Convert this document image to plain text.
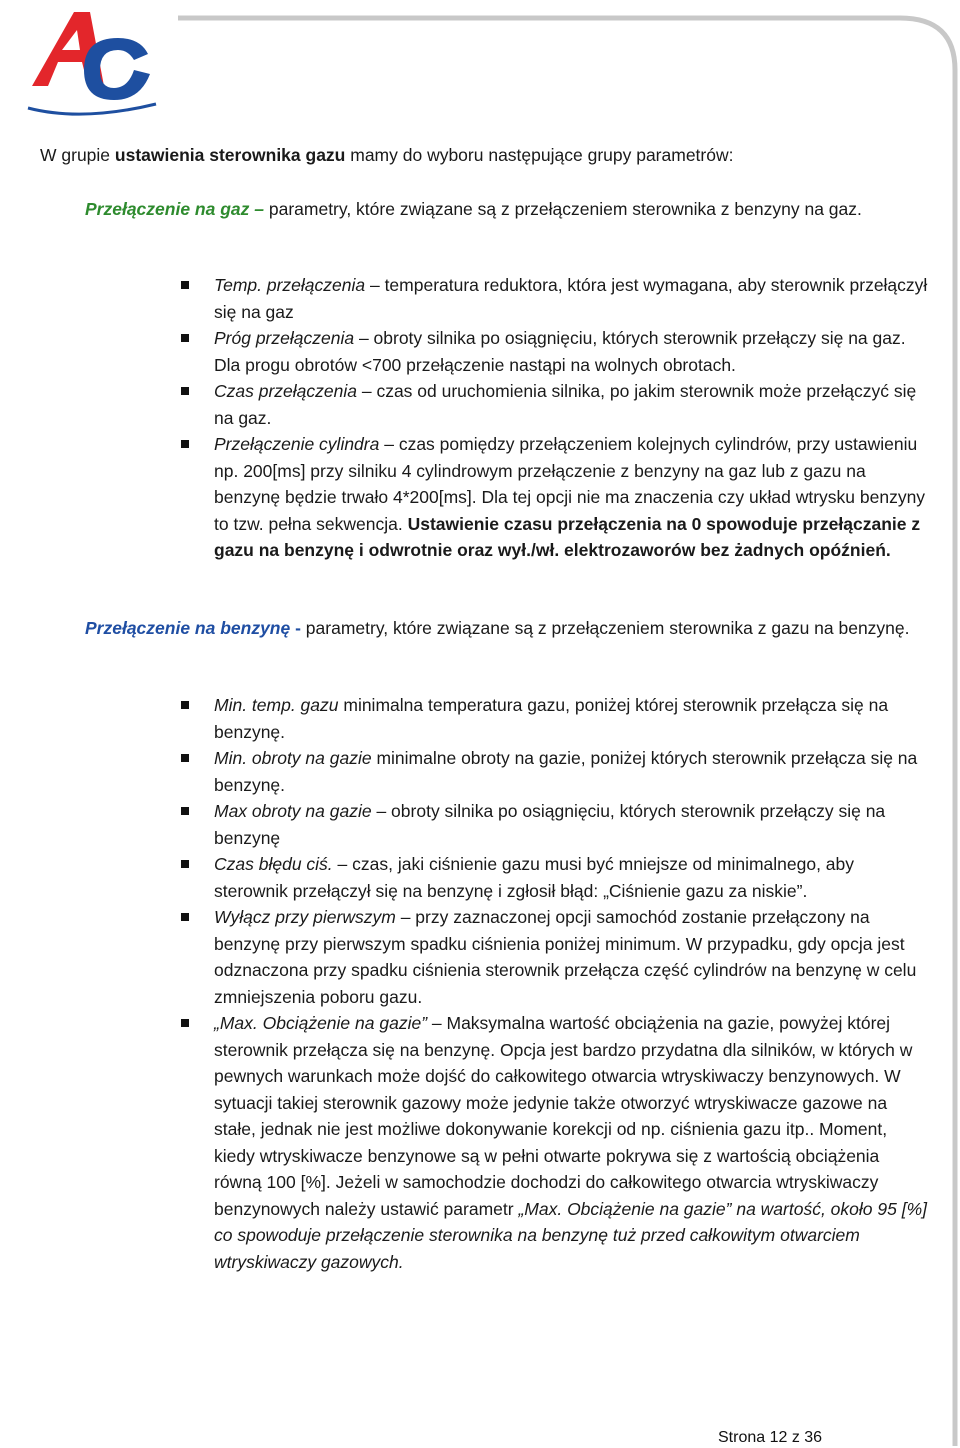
W grupie ustawienia sterownika gazu mamy do wyboru następujące grupy parametrów:
Przełączenie na gaz – parametry, które związane są z przełączeniem sterownika z benzyny na gaz.
Temp. przełączenia – temperatura reduktora, która jest wymagana, aby sterownik przełączył się na gaz
Próg przełączenia – obroty silnika po osiągnięciu, których sterownik przełączy się na gaz. Dla progu obrotów <700 przełączenie nastąpi na wolnych obrotach.
Czas przełączenia – czas od uruchomienia silnika, po jakim sterownik może przełączyć się na gaz.
Przełączenie cylindra – czas pomiędzy przełączeniem kolejnych cylindrów, przy ustawieniu np. 200[ms] przy silniku 4 cylindrowym przełączenie z benzyny na gaz lub z gazu na benzynę będzie trwało 4*200[ms]. Dla tej opcji nie ma znaczenia czy układ wtrysku benzyny to tzw. pełna sekwencja. Ustawienie czasu przełączenia na 0 spowoduje przełączanie z gazu na benzynę i odwrotnie oraz wył./wł. elektrozaworów bez żadnych opóźnień.
Przełączenie na benzynę - parametry, które związane są z przełączeniem sterownika z gazu na benzynę.
Min. temp. gazu minimalna temperatura gazu, poniżej której sterownik przełącza się na benzynę.
Min. obroty na gazie minimalne obroty na gazie, poniżej których sterownik przełącza się na benzynę.
Max obroty na gazie – obroty silnika po osiągnięciu, których sterownik przełączy się na benzynę
Czas błędu ciś. – czas, jaki ciśnienie gazu musi być mniejsze od minimalnego, aby sterownik przełączył się na benzynę i zgłosił błąd: „Ciśnienie gazu za niskie”.
Wyłącz przy pierwszym – przy zaznaczonej opcji samochód zostanie przełączony na benzynę przy pierwszym spadku ciśnienia poniżej minimum. W przypadku, gdy opcja jest odznaczona przy spadku ciśnienia sterownik przełącza część cylindrów na benzynę w celu zmniejszenia poboru gazu.
„Max. Obciążenie na gazie” – Maksymalna wartość obciążenia na gazie, powyżej której sterownik przełącza się na benzynę. Opcja jest bardzo przydatna dla silników, w których w pewnych warunkach może dojść do całkowitego otwarcia wtryskiwaczy benzynowych. W sytuacji takiej sterownik gazowy może jedynie także otworzyć wtryskiwacze gazowe na stałe, jednak nie jest możliwe dokonywanie korekcji od np. ciśnienia gazu itp.. Moment, kiedy wtryskiwacze benzynowe są w pełni otwarte pokrywa się z wartością obciążenia równą 100 [%]. Jeżeli w samochodzie dochodzi do całkowitego otwarcia wtryskiwaczy benzynowych należy ustawić parametr „Max. Obciążenie na gazie” na wartość, około 95 [%] co spowoduje przełączenie sterownika na benzynę tuż przed całkowitym otwarciem wtryskiwaczy gazowych.
Strona 12 z 36
